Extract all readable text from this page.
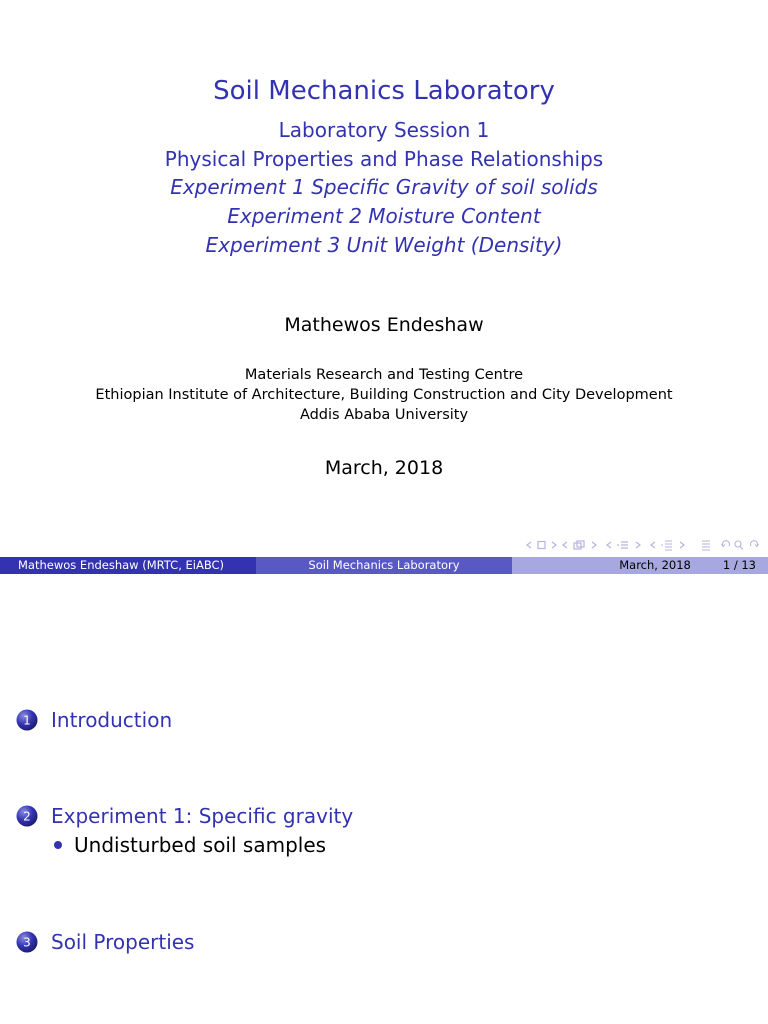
Soil Mechanics Laboratory
Laboratory Session 1
Physical Properties and Phase Relationships
Experiment 1 Specific Gravity of soil solids
Experiment 2 Moisture Content
Experiment 3 Unit Weight (Density)
Mathewos Endeshaw
Materials Research and Testing Centre
Ethiopian Institute of Architecture, Building Construction and City Development
Addis Ababa University
March, 2018
Mathewos Endeshaw (MRTC, EiABC)	Soil Mechanics Laboratory	March, 2018	1 / 13
1 Introduction
2 Experiment 1: Specific gravity
Undisturbed soil samples
3 Soil Properties
